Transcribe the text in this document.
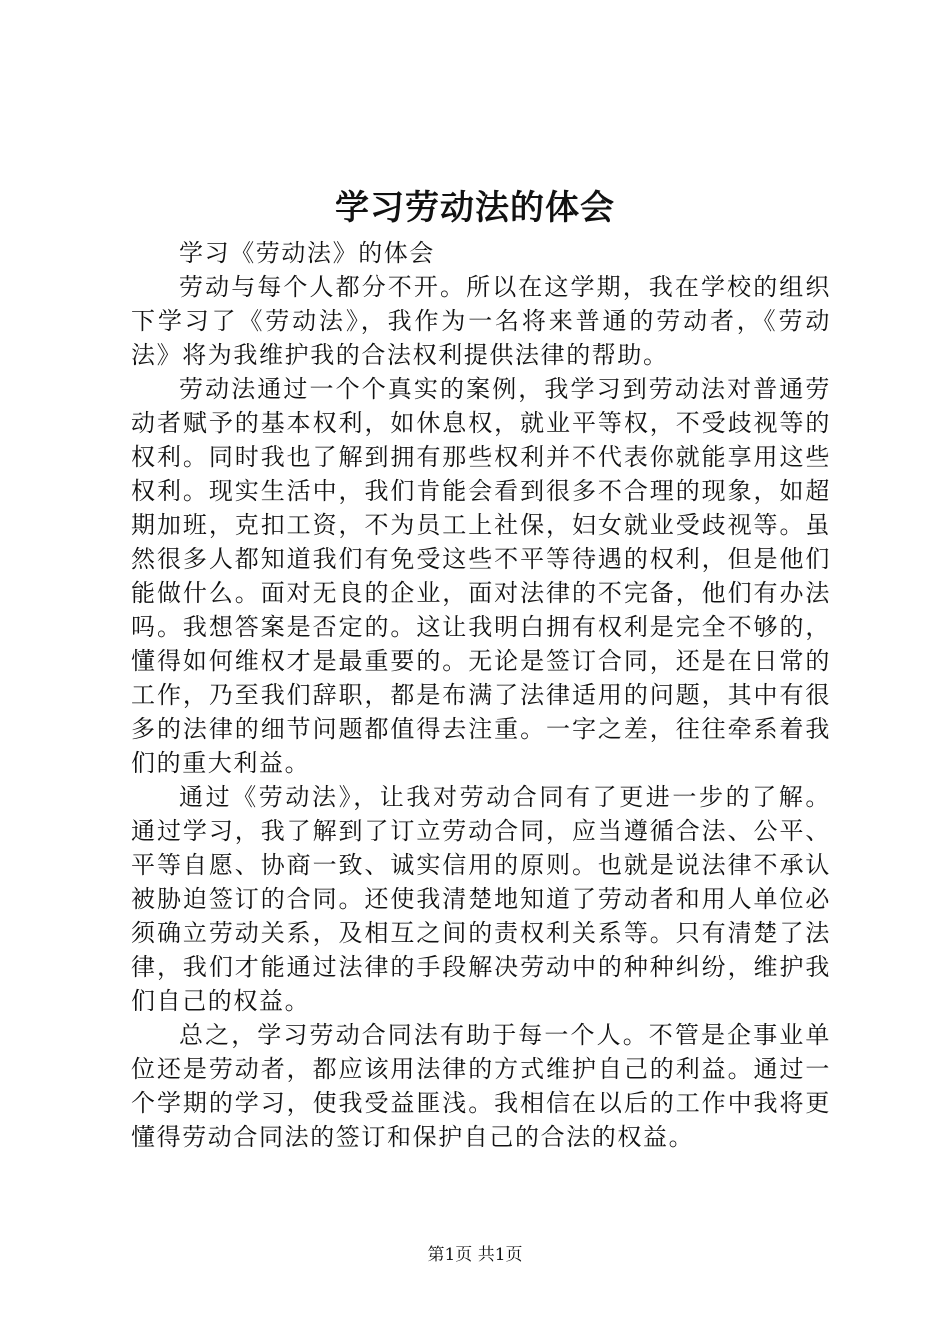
学习劳动法的体会

学习《劳动法》的体会

劳动与每个人都分不开。所以在这学期，我在学校的组织下学习了《劳动法》，我作为一名将来普通的劳动者，《劳动法》将为我维护我的合法权利提供法律的帮助。

劳动法通过一个个真实的案例，我学习到劳动法对普通劳动者赋予的基本权利，如休息权，就业平等权，不受歧视等的权利。同时我也了解到拥有那些权利并不代表你就能享用这些权利。现实生活中，我们肯能会看到很多不合理的现象，如超期加班，克扣工资，不为员工上社保，妇女就业受歧视等。虽然很多人都知道我们有免受这些不平等待遇的权利，但是他们能做什么。面对无良的企业，面对法律的不完备，他们有办法吗。我想答案是否定的。这让我明白拥有权利是完全不够的，懂得如何维权才是最重要的。无论是签订合同，还是在日常的工作，乃至我们辞职，都是布满了法律适用的问题，其中有很多的法律的细节问题都值得去注重。一字之差，往往牵系着我们的重大利益。

通过《劳动法》，让我对劳动合同有了更进一步的了解。通过学习，我了解到了订立劳动合同，应当遵循合法、公平、平等自愿、协商一致、诚实信用的原则。也就是说法律不承认被胁迫签订的合同。还使我清楚地知道了劳动者和用人单位必须确立劳动关系，及相互之间的责权利关系等。只有清楚了法律，我们才能通过法律的手段解决劳动中的种种纠纷，维护我们自己的权益。

总之，学习劳动合同法有助于每一个人。不管是企事业单位还是劳动者，都应该用法律的方式维护自己的利益。通过一个学期的学习，使我受益匪浅。我相信在以后的工作中我将更懂得劳动合同法的签订和保护自己的合法的权益。

第1页 共1页
